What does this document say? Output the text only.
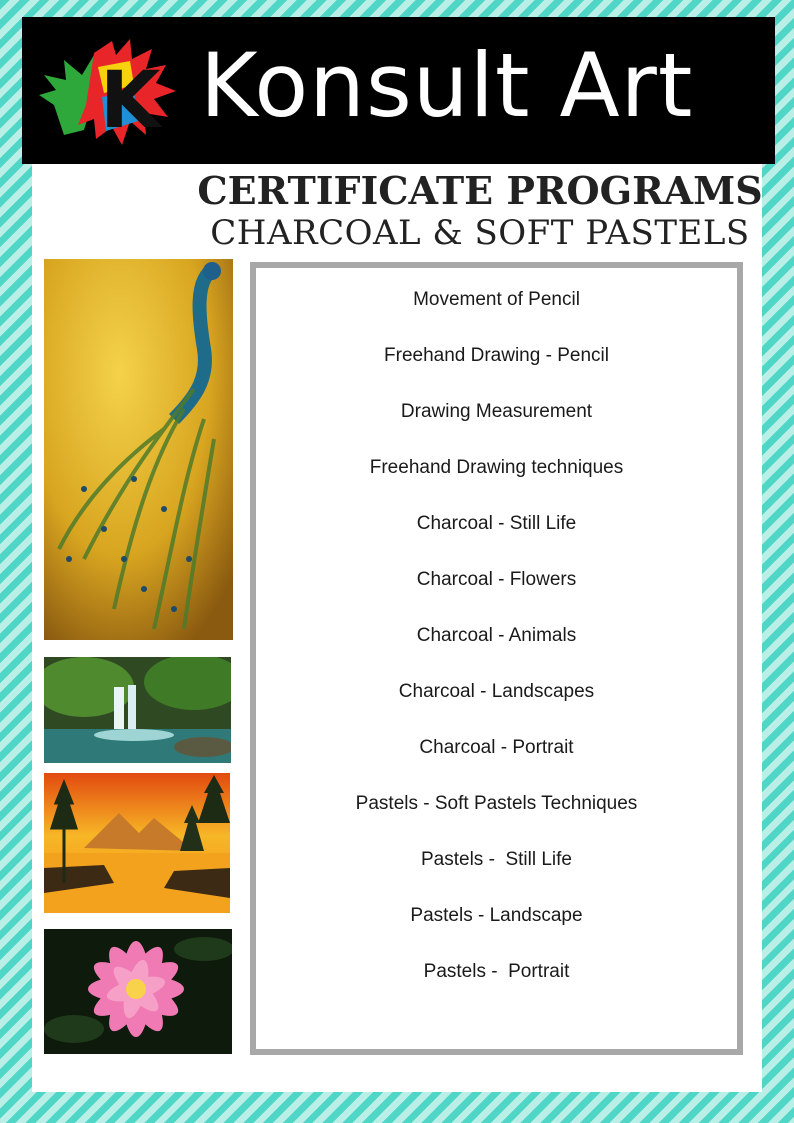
K Konsult Art
CERTIFICATE PROGRAMS
CHARCOAL & SOFT PASTELS
Movement of Pencil
Freehand Drawing - Pencil
Drawing Measurement
Freehand Drawing techniques
Charcoal - Still Life
Charcoal - Flowers
Charcoal - Animals
Charcoal - Landscapes
Charcoal - Portrait
Pastels - Soft Pastels Techniques
Pastels -  Still Life
Pastels - Landscape
Pastels -  Portrait
